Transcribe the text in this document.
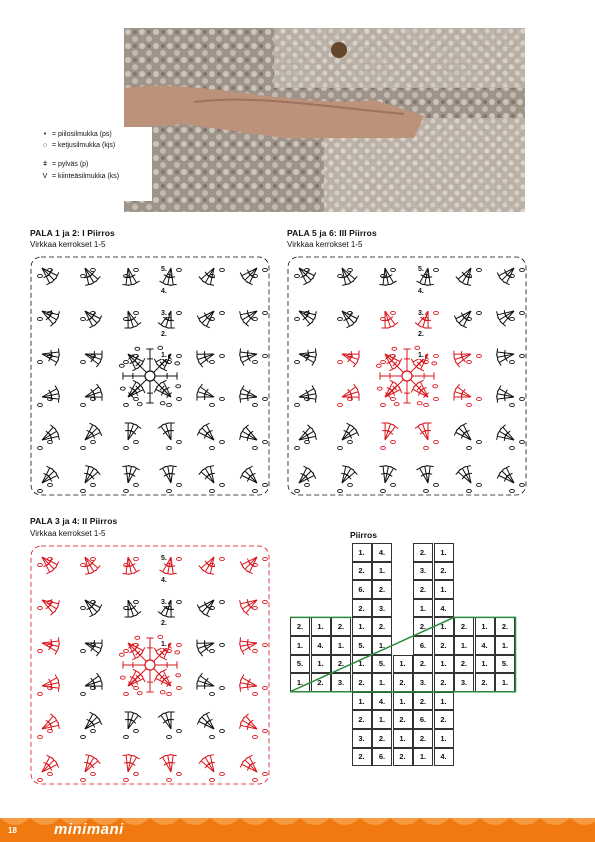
• = piilosilmukka (ps)
○ = ketjusilmukka (kjs)
ǂ = pylväs (p)
V = kiinteäsilmukka (ks)
PALA 1 ja 2: I Piirros
Virkkaa kerrokset 1-5
PALA 5 ja 6: III Piirros
Virkkaa kerrokset 1-5
PALA 3 ja 4: II Piirros
Virkkaa kerrokset 1-5
5.
4.
3.
2.
1.
5.
4.
3.
2.
1.
5.
4.
3.
2.
1.
Piirros
1.	4.	2.	1.
2.	1.	3.	2.
6.	2.	2.	1.
2.	3.	1.	4.
2.	1.	2.	1.	2.	2.	1.	2.	1.	2.
1.	4.	1.	5.	1.	6.	2.	1.	4.	1.
5.	1.	2.	1.	5.	1.	2.	1.	2.	1.	5.
1.	2.	3.	2.	1.	2.	3.	2.	3.	2.	1.
1.	4.	1.	2.	1.
2.	1.	2.	6.	2.
3.	2.	1.	2.	1.
2.	6.	2.	1.	4.
18 minimani
